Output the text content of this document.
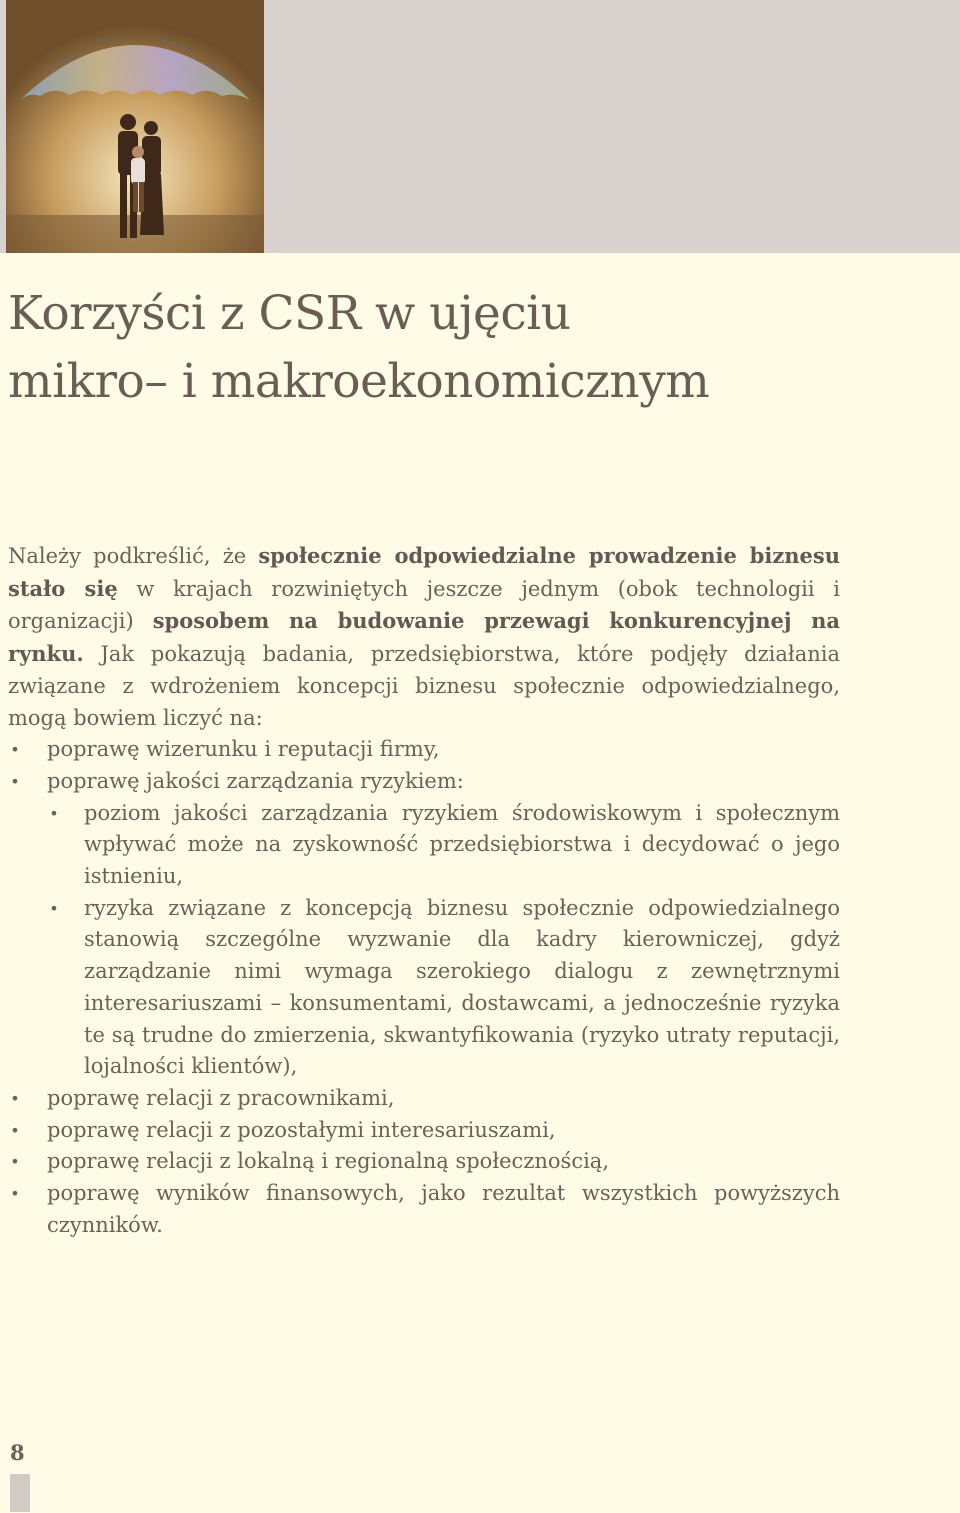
Korzyści z CSR w ujęciu
mikro– i makroekonomicznym

Należy podkreślić, że społecznie odpowiedzialne prowadzenie biznesu stało się w krajach rozwiniętych jeszcze jednym (obok technologii i organizacji) sposobem na budowanie przewagi konkurencyjnej na rynku. Jak pokazują badania, przedsiębiorstwa, które podjęły działania związane z wdrożeniem koncepcji biznesu społecznie odpowiedzialnego, mogą bowiem liczyć na:

• poprawę wizerunku i reputacji firmy,
• poprawę jakości zarządzania ryzykiem:
• poziom jakości zarządzania ryzykiem środowiskowym i społecznym wpływać może na zyskowność przedsiębiorstwa i decydować o jego istnieniu,
• ryzyka związane z koncepcją biznesu społecznie odpowiedzialnego stanowią szczególne wyzwanie dla kadry kierowniczej, gdyż zarządzanie nimi wymaga szerokiego dialogu z zewnętrznymi interesariuszami – konsumentami, dostawcami, a jednocześnie ryzyka te są trudne do zmierzenia, skwantyfikowania (ryzyko utraty reputacji, lojalności klientów),
• poprawę relacji z pracownikami,
• poprawę relacji z pozostałymi interesariuszami,
• poprawę relacji z lokalną i regionalną społecznością,
• poprawę wyników finansowych, jako rezultat wszystkich powyższych czynników.
8
